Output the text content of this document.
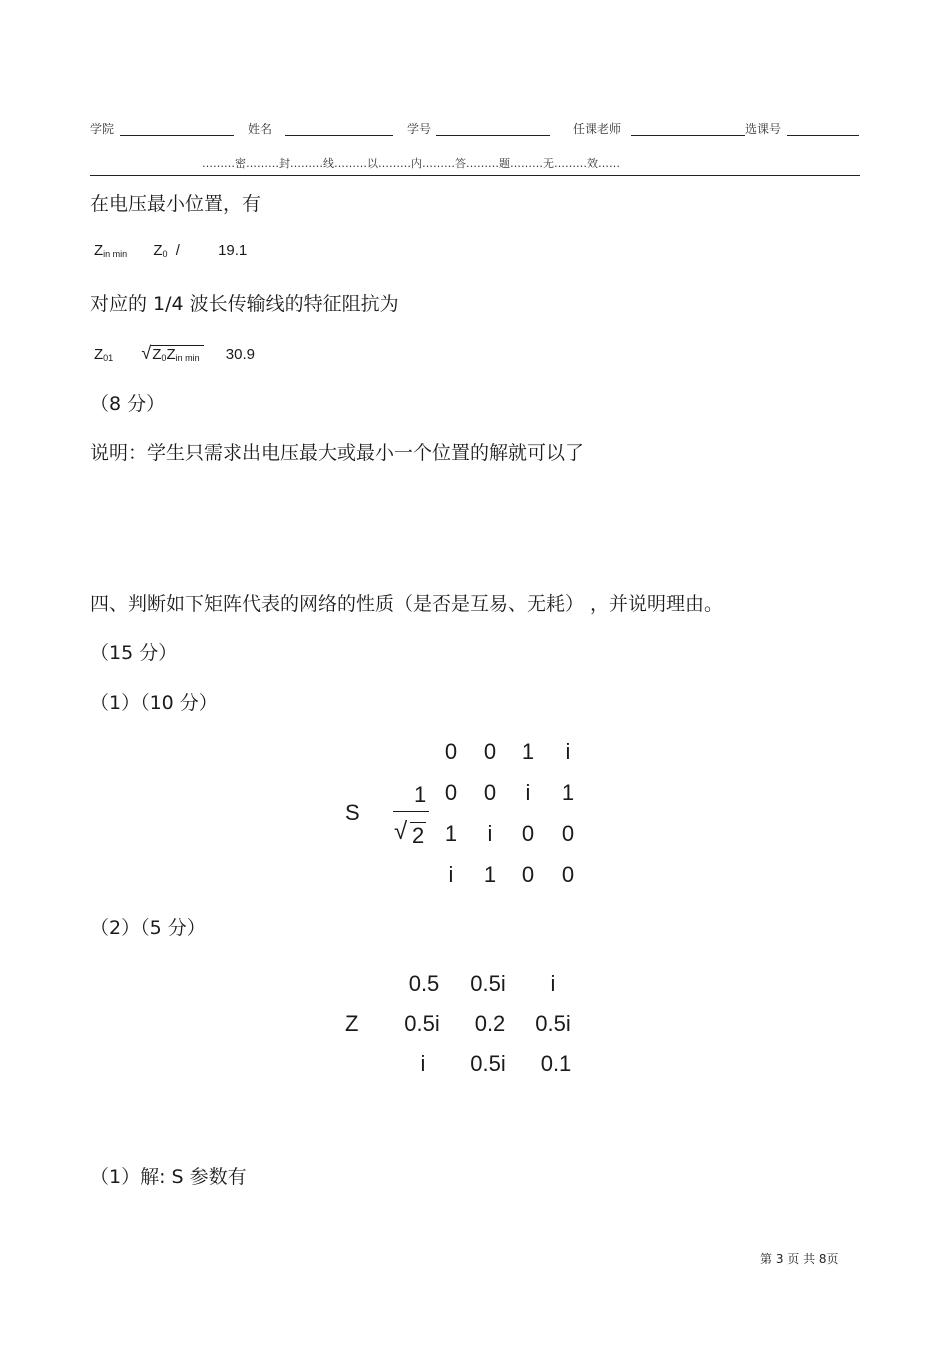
学院	姓名	学号	任课老师	选课号
………密………封………线………以………内………答………题………无………效……
在电压最小位置，有
$Z_{in min}$ $Z_0$ /	19.1
对应的 1/4 波长传输线的特征阻抗为
$Z_{01}$ $√Z_0Z_{in min}$ 30.9
（8 分）
说明：学生只需求出电压最大或最小一个位置的解就可以了
四、判断如下矩阵代表的网络的性质（是否是互易、无耗） ，并说明理由。
（15 分）
（1）（10 分）
S
1
√ 2
0	0	1	i
0	0	i	1
1	i	0	0
i	1	0	0
（2）（5 分）
Z
0.5	0.5i	i
0.5i	0.2	0.5i
i	0.5i	0.1
（1）解: S 参数有
第 3 页 共 8页
